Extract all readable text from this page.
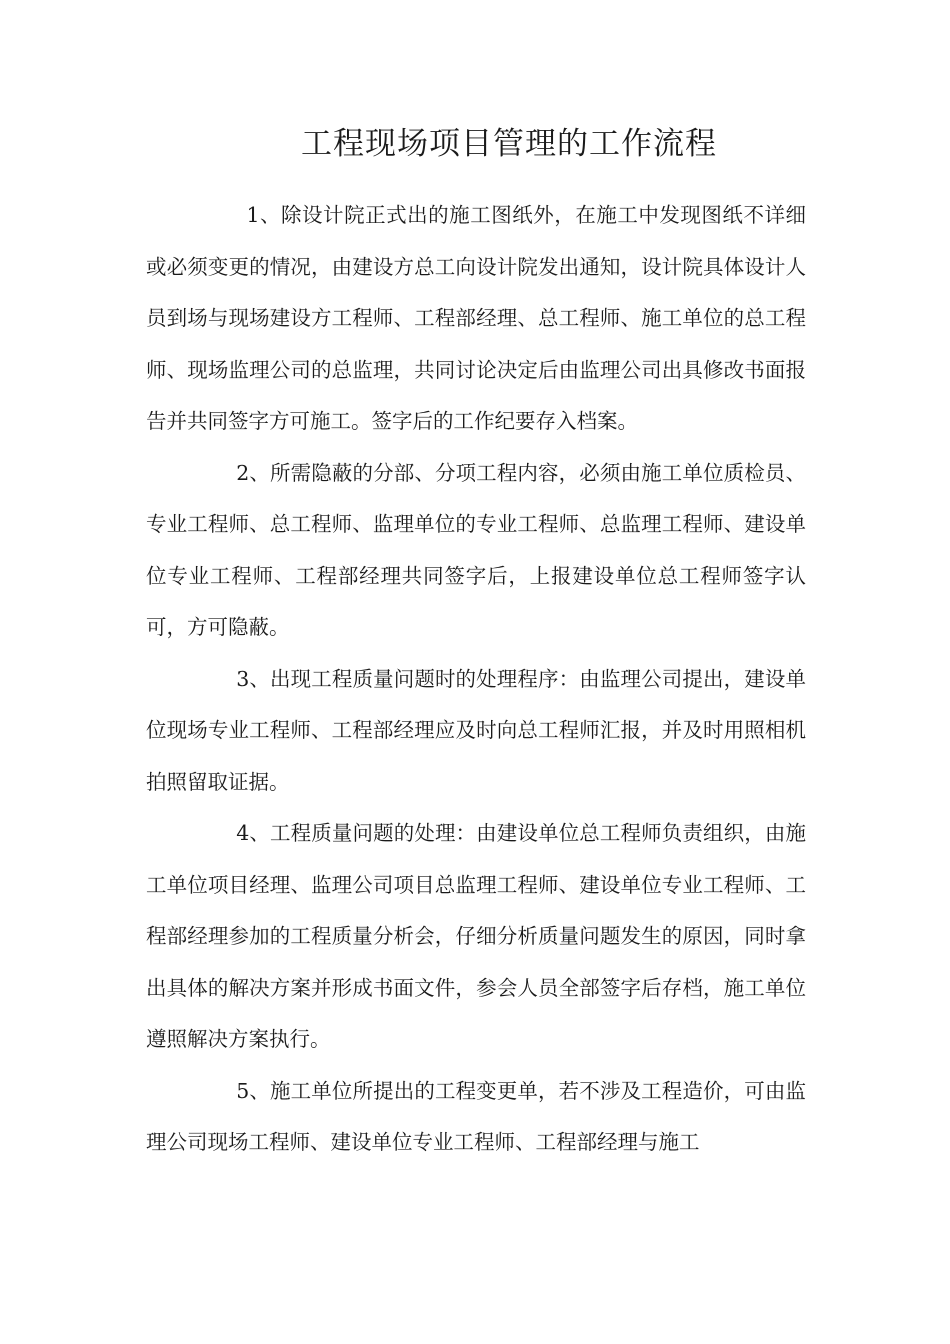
工程现场项目管理的工作流程

1、除设计院正式出的施工图纸外，在施工中发现图纸不详细或必须变更的情况，由建设方总工向设计院发出通知，设计院具体设计人员到场与现场建设方工程师、工程部经理、总工程师、施工单位的总工程师、现场监理公司的总监理，共同讨论决定后由监理公司出具修改书面报告并共同签字方可施工。签字后的工作纪要存入档案。

2、所需隐蔽的分部、分项工程内容，必须由施工单位质检员、专业工程师、总工程师、监理单位的专业工程师、总监理工程师、建设单位专业工程师、工程部经理共同签字后，上报建设单位总工程师签字认可，方可隐蔽。

3、出现工程质量问题时的处理程序：由监理公司提出，建设单位现场专业工程师、工程部经理应及时向总工程师汇报，并及时用照相机拍照留取证据。

4、工程质量问题的处理：由建设单位总工程师负责组织，由施工单位项目经理、监理公司项目总监理工程师、建设单位专业工程师、工程部经理参加的工程质量分析会，仔细分析质量问题发生的原因，同时拿出具体的解决方案并形成书面文件，参会人员全部签字后存档，施工单位遵照解决方案执行。

5、施工单位所提出的工程变更单，若不涉及工程造价，可由监理公司现场工程师、建设单位专业工程师、工程部经理与施工
